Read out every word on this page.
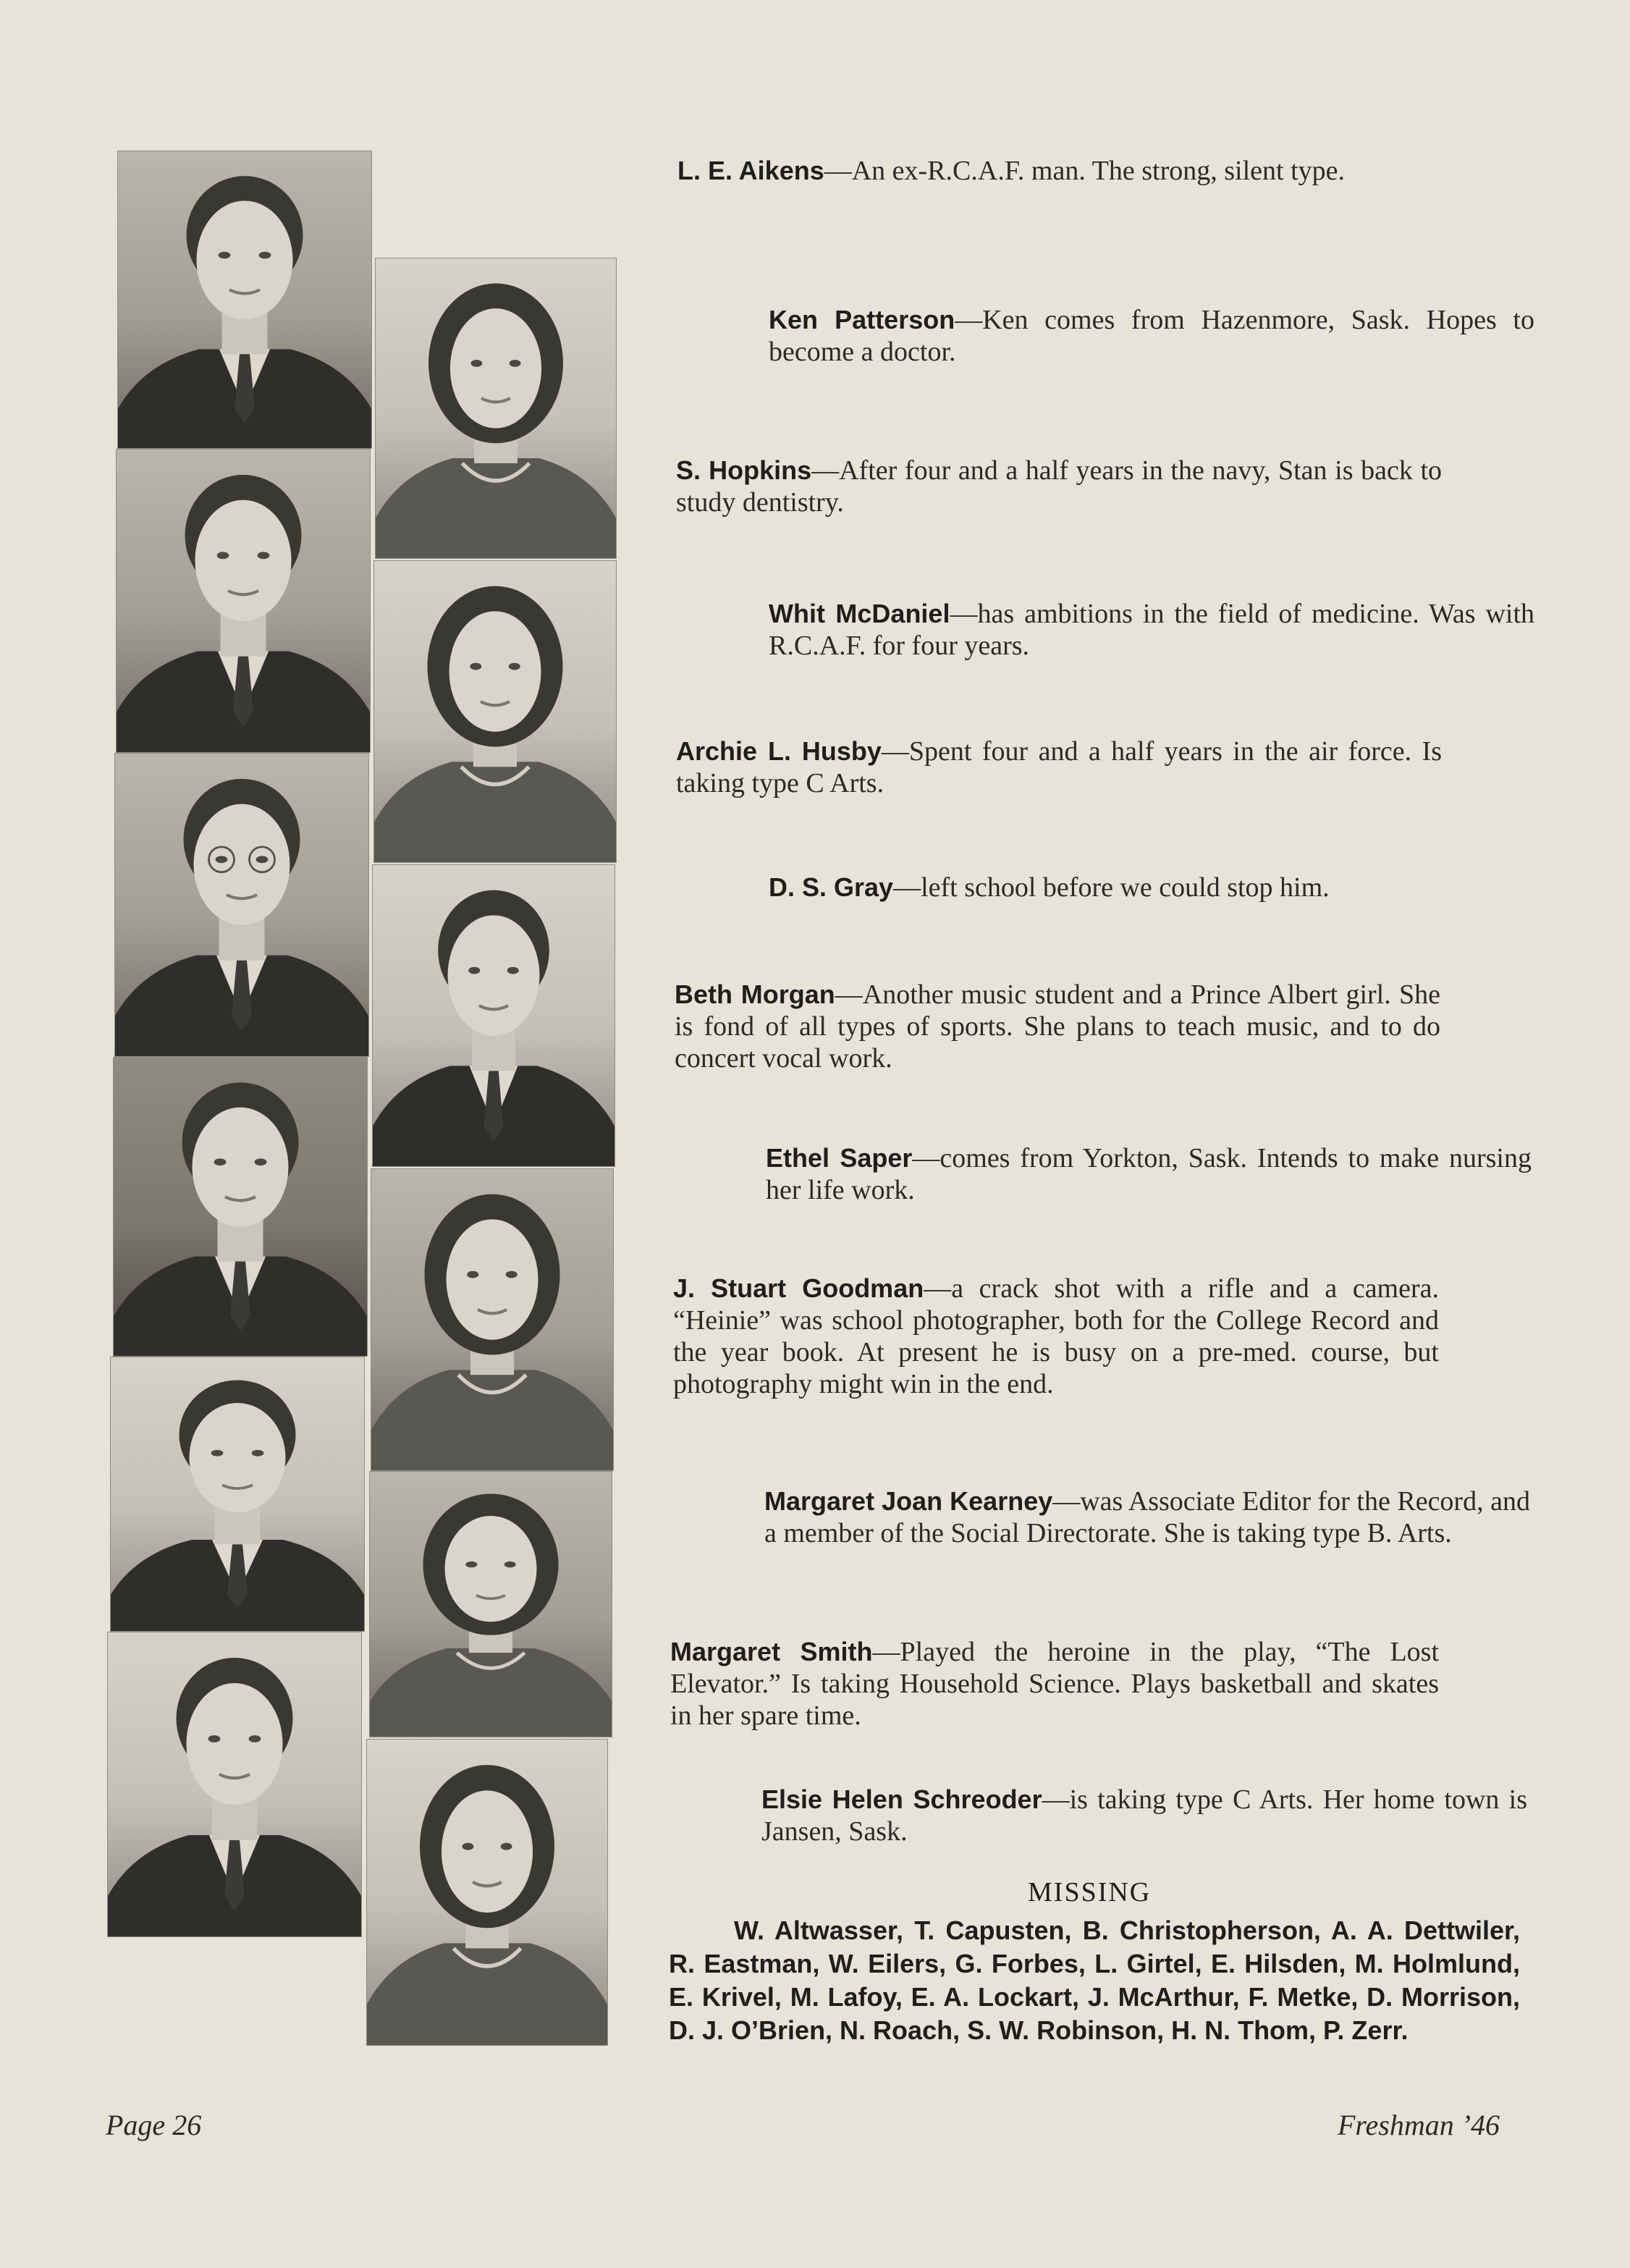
L. E. Aikens—An ex-R.C.A.F. man. The strong, silent type.
Ken Patterson—Ken comes from Hazenmore, Sask. Hopes to become a doctor.
S. Hopkins—After four and a half years in the navy, Stan is back to study dentistry.
Whit McDaniel—has ambitions in the field of medicine. Was with R.C.A.F. for four years.
Archie L. Husby—Spent four and a half years in the air force. Is taking type C Arts.
D. S. Gray—left school before we could stop him.
Beth Morgan—Another music student and a Prince Albert girl. She is fond of all types of sports. She plans to teach music, and to do concert vocal work.
Ethel Saper—comes from Yorkton, Sask. Intends to make nursing her life work.
J. Stuart Goodman—a crack shot with a rifle and a camera. “Heinie” was school photographer, both for the College Record and the year book. At present he is busy on a pre-med. course, but photography might win in the end.
Margaret Joan Kearney—was Associate Editor for the Record, and a member of the Social Directorate. She is taking type B. Arts.
Margaret Smith—Played the heroine in the play, “The Lost Elevator.” Is taking Household Science. Plays basketball and skates in her spare time.
Elsie Helen Schreoder—is taking type C Arts. Her home town is Jansen, Sask.
MISSING
W. Altwasser, T. Capusten, B. Christopherson, A. A. Dettwiler, R. Eastman, W. Eilers, G. Forbes, L. Girtel, E. Hilsden, M. Holmlund, E. Krivel, M. Lafoy, E. A. Lockart, J. McArthur, F. Metke, D. Morrison, D. J. O’Brien, N. Roach, S. W. Robinson, H. N. Thom, P. Zerr.
Page 26	Freshman ’46
